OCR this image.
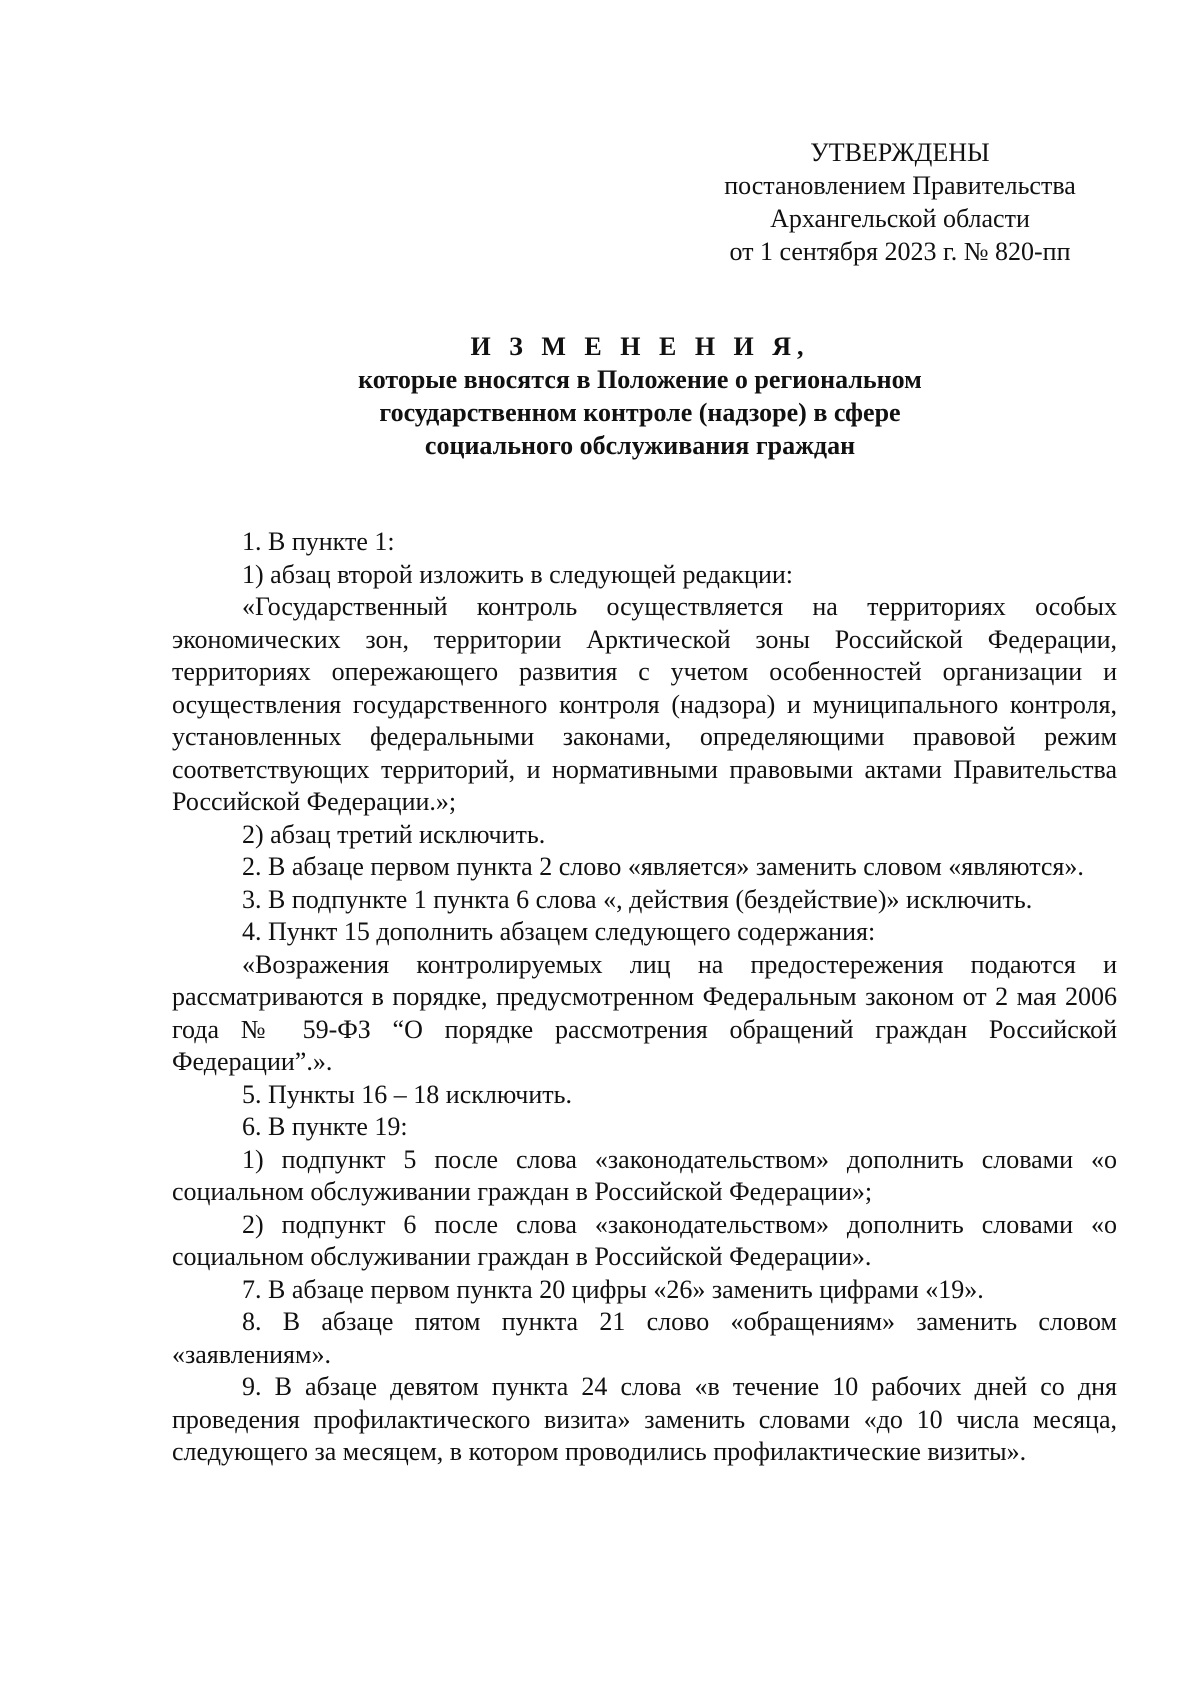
УТВЕРЖДЕНЫ
постановлением Правительства
Архангельской области
от 1 сентября 2023 г. № 820-пп
И З М Е Н Е Н И Я,
которые вносятся в Положение о региональном
государственном контроле (надзоре) в сфере
социального обслуживания граждан

1. В пункте 1:

1) абзац второй изложить в следующей редакции:

«Государственный контроль осуществляется на территориях особых экономических зон, территории Арктической зоны Российской Федерации, территориях опережающего развития с учетом особенностей организации и осуществления государственного контроля (надзора) и муниципального контроля, установленных федеральными законами, определяющими правовой режим соответствующих территорий, и нормативными правовыми актами Правительства Российской Федерации.»;

2) абзац третий исключить.

2. В абзаце первом пункта 2 слово «является» заменить словом «являются».

3. В подпункте 1 пункта 6 слова «, действия (бездействие)» исключить.

4. Пункт 15 дополнить абзацем следующего содержания:

«Возражения контролируемых лиц на предостережения подаются и рассматриваются в порядке, предусмотренном Федеральным законом от 2 мая 2006 года № 59-ФЗ “О порядке рассмотрения обращений граждан Российской Федерации”.».

5. Пункты 16 – 18 исключить.

6. В пункте 19:

1) подпункт 5 после слова «законодательством» дополнить словами «о социальном обслуживании граждан в Российской Федерации»;

2) подпункт 6 после слова «законодательством» дополнить словами «о социальном обслуживании граждан в Российской Федерации».

7. В абзаце первом пункта 20 цифры «26» заменить цифрами «19».

8. В абзаце пятом пункта 21 слово «обращениям» заменить словом «заявлениям».

9. В абзаце девятом пункта 24 слова «в течение 10 рабочих дней со дня проведения профилактического визита» заменить словами «до 10 числа месяца, следующего за месяцем, в котором проводились профилактические визиты».
